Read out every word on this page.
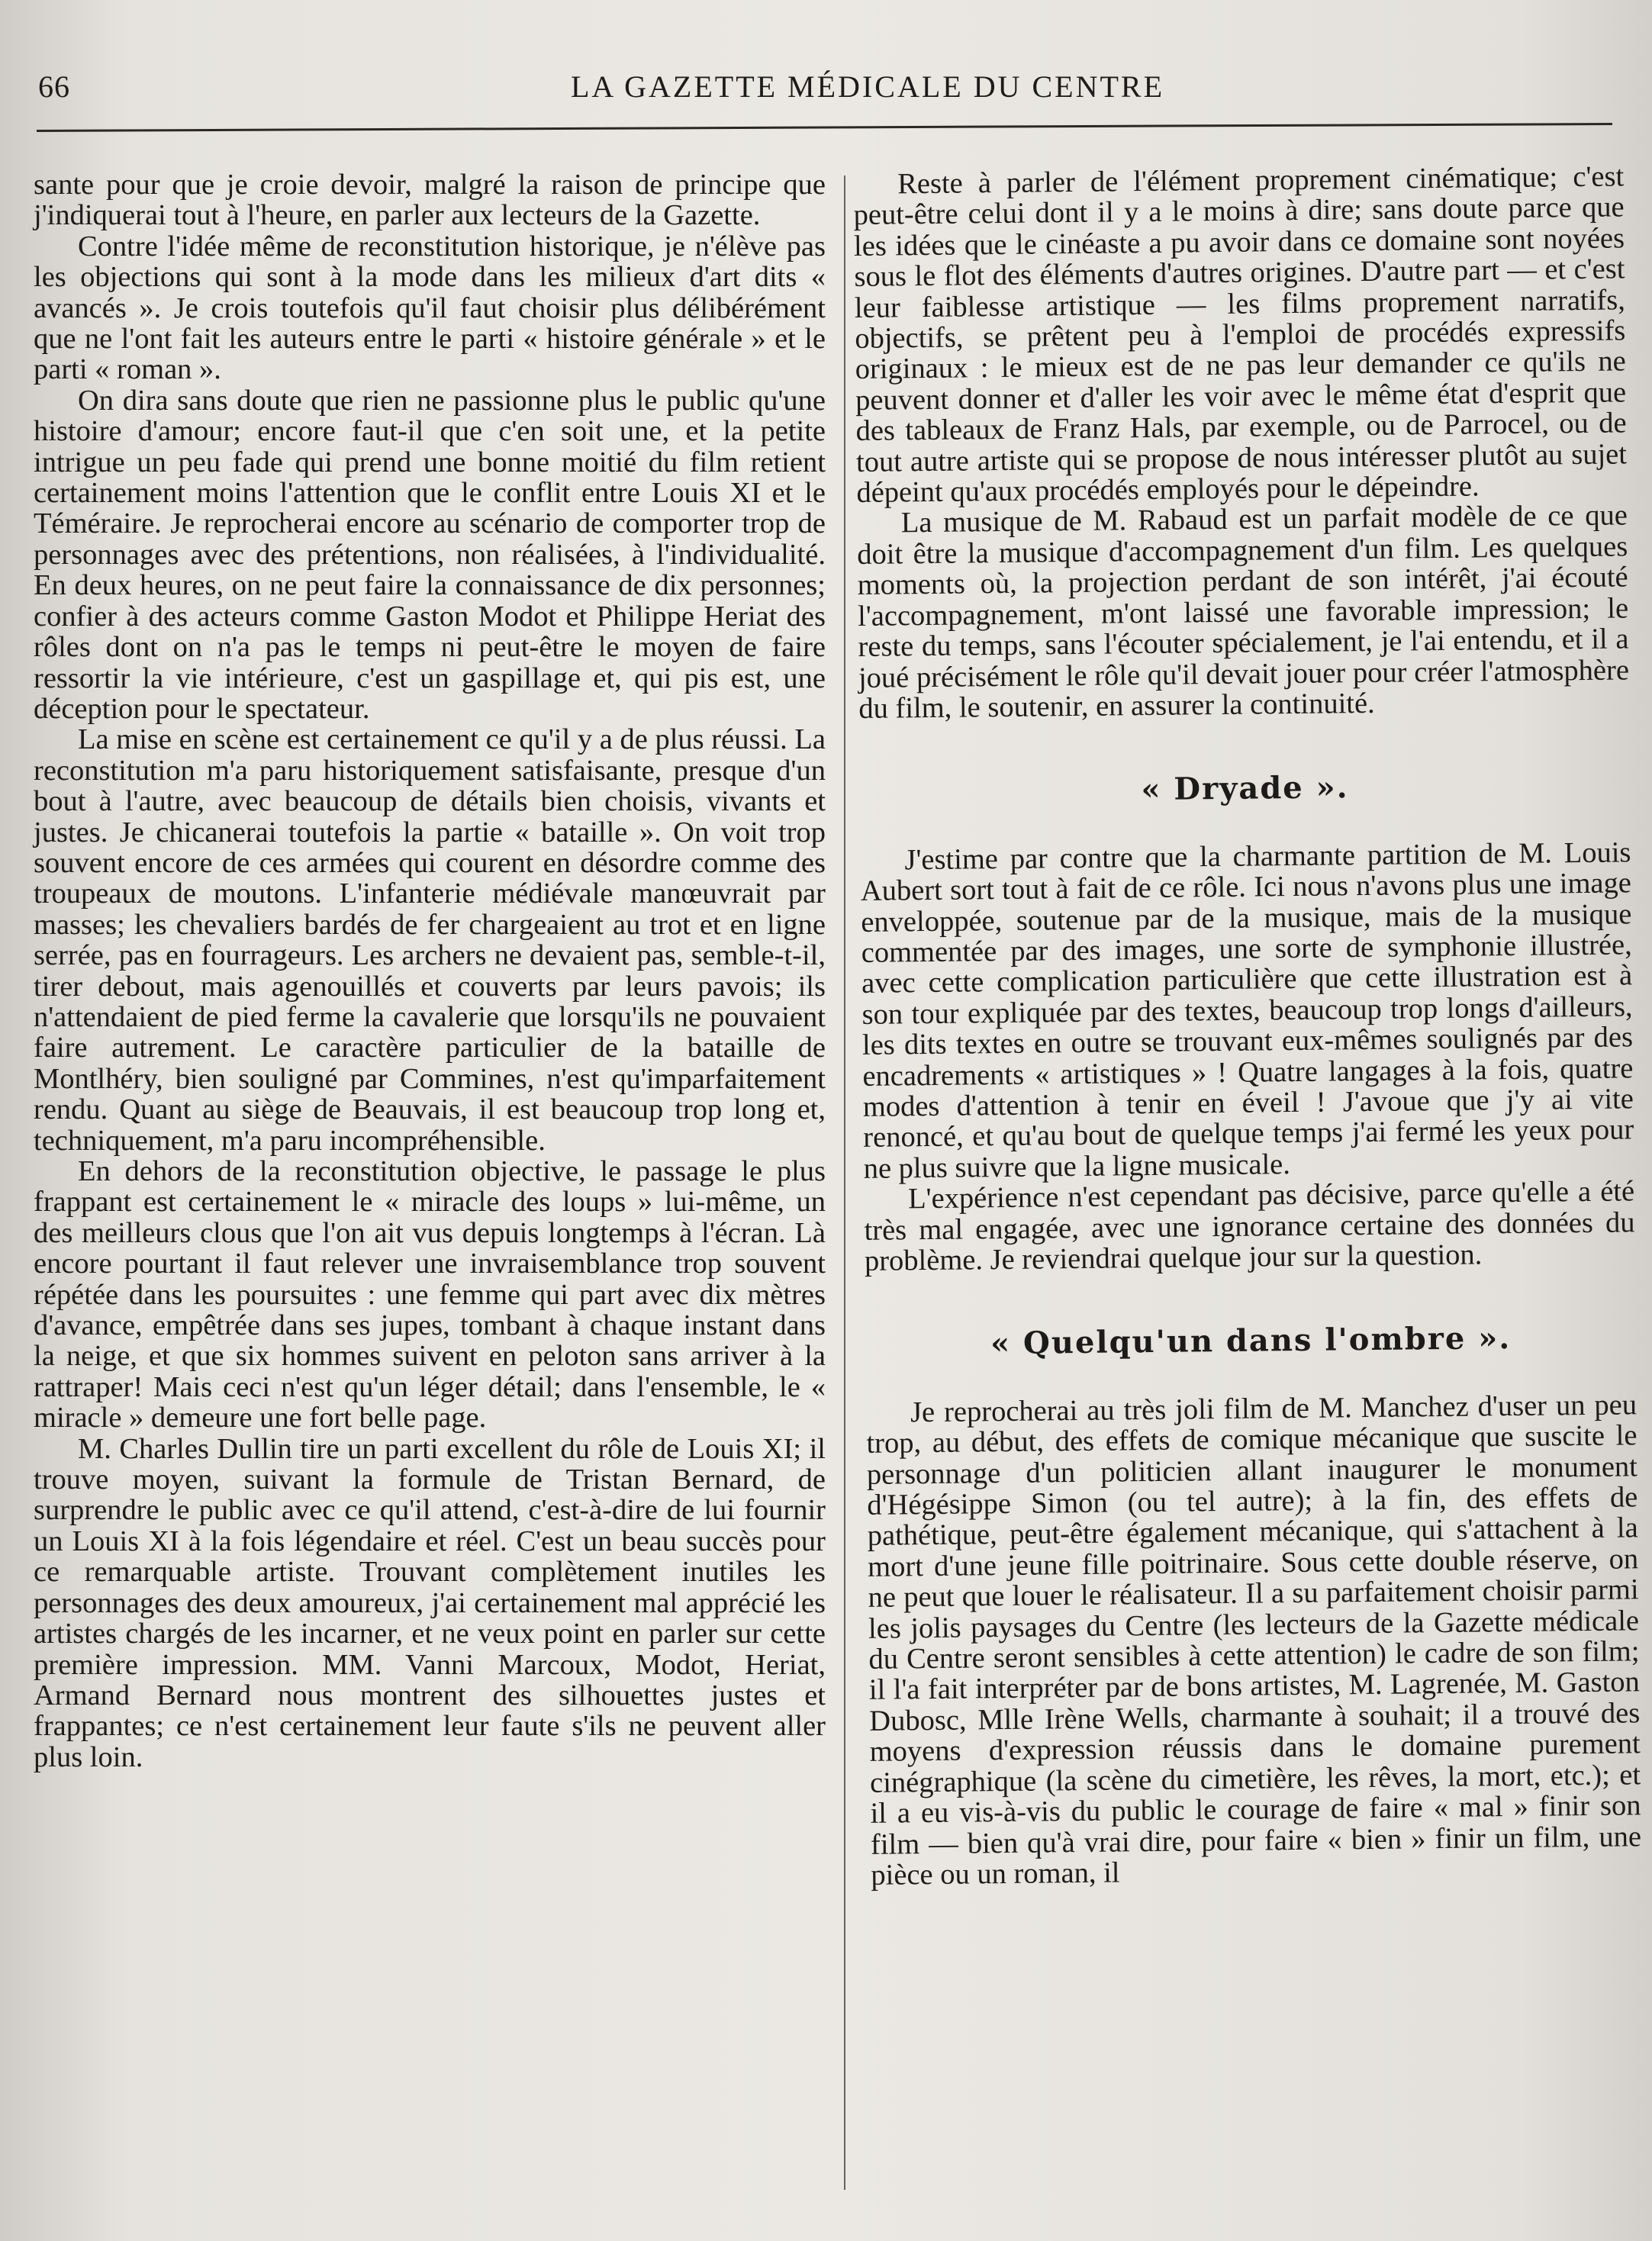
66	LA GAZETTE MÉDICALE DU CENTRE

sante pour que je croie devoir, malgré la raison de principe que j'indiquerai tout à l'heure, en parler aux lecteurs de la Gazette.

Contre l'idée même de reconstitution historique, je n'élève pas les objections qui sont à la mode dans les milieux d'art dits « avancés ». Je crois toutefois qu'il faut choisir plus délibérément que ne l'ont fait les auteurs entre le parti « histoire générale » et le parti « roman ».

On dira sans doute que rien ne passionne plus le public qu'une histoire d'amour; encore faut-il que c'en soit une, et la petite intrigue un peu fade qui prend une bonne moitié du film retient certainement moins l'attention que le conflit entre Louis XI et le Téméraire. Je reprocherai encore au scénario de comporter trop de personnages avec des prétentions, non réalisées, à l'individualité. En deux heures, on ne peut faire la connaissance de dix personnes; confier à des acteurs comme Gaston Modot et Philippe Heriat des rôles dont on n'a pas le temps ni peut-être le moyen de faire ressortir la vie intérieure, c'est un gaspillage et, qui pis est, une déception pour le spectateur.

La mise en scène est certainement ce qu'il y a de plus réussi. La reconstitution m'a paru historiquement satisfaisante, presque d'un bout à l'autre, avec beaucoup de détails bien choisis, vivants et justes. Je chicanerai toutefois la partie « bataille ». On voit trop souvent encore de ces armées qui courent en désordre comme des troupeaux de moutons. L'infanterie médiévale manœuvrait par masses; les chevaliers bardés de fer chargeaient au trot et en ligne serrée, pas en fourrageurs. Les archers ne devaient pas, semble-t-il, tirer debout, mais agenouillés et couverts par leurs pavois; ils n'attendaient de pied ferme la cavalerie que lorsqu'ils ne pouvaient faire autrement. Le caractère particulier de la bataille de Montlhéry, bien souligné par Commines, n'est qu'imparfaitement rendu. Quant au siège de Beauvais, il est beaucoup trop long et, techniquement, m'a paru incompréhensible.

En dehors de la reconstitution objective, le passage le plus frappant est certainement le « miracle des loups » lui-même, un des meilleurs clous que l'on ait vus depuis longtemps à l'écran. Là encore pourtant il faut relever une invraisemblance trop souvent répétée dans les poursuites : une femme qui part avec dix mètres d'avance, empêtrée dans ses jupes, tombant à chaque instant dans la neige, et que six hommes suivent en peloton sans arriver à la rattraper! Mais ceci n'est qu'un léger détail; dans l'ensemble, le « miracle » demeure une fort belle page.

M. Charles Dullin tire un parti excellent du rôle de Louis XI; il trouve moyen, suivant la formule de Tristan Bernard, de surprendre le public avec ce qu'il attend, c'est-à-dire de lui fournir un Louis XI à la fois légendaire et réel. C'est un beau succès pour ce remarquable artiste. Trouvant complètement inutiles les personnages des deux amoureux, j'ai certainement mal apprécié les artistes chargés de les incarner, et ne veux point en parler sur cette première impression. MM. Vanni Marcoux, Modot, Heriat, Armand Bernard nous montrent des silhouettes justes et frappantes; ce n'est certainement leur faute s'ils ne peuvent aller plus loin.

Reste à parler de l'élément proprement cinématique; c'est peut-être celui dont il y a le moins à dire; sans doute parce que les idées que le cinéaste a pu avoir dans ce domaine sont noyées sous le flot des éléments d'autres origines. D'autre part — et c'est leur faiblesse artistique — les films proprement narratifs, objectifs, se prêtent peu à l'emploi de procédés expressifs originaux : le mieux est de ne pas leur demander ce qu'ils ne peuvent donner et d'aller les voir avec le même état d'esprit que des tableaux de Franz Hals, par exemple, ou de Parrocel, ou de tout autre artiste qui se propose de nous intéresser plutôt au sujet dépeint qu'aux procédés employés pour le dépeindre.

La musique de M. Rabaud est un parfait modèle de ce que doit être la musique d'accompagnement d'un film. Les quelques moments où, la projection perdant de son intérêt, j'ai écouté l'accompagnement, m'ont laissé une favorable impression; le reste du temps, sans l'écouter spécialement, je l'ai entendu, et il a joué précisément le rôle qu'il devait jouer pour créer l'atmosphère du film, le soutenir, en assurer la continuité.

« Dryade ».

J'estime par contre que la charmante partition de M. Louis Aubert sort tout à fait de ce rôle. Ici nous n'avons plus une image enveloppée, soutenue par de la musique, mais de la musique commentée par des images, une sorte de symphonie illustrée, avec cette complication particulière que cette illustration est à son tour expliquée par des textes, beaucoup trop longs d'ailleurs, les dits textes en outre se trouvant eux-mêmes soulignés par des encadrements « artistiques » ! Quatre langages à la fois, quatre modes d'attention à tenir en éveil ! J'avoue que j'y ai vite renoncé, et qu'au bout de quelque temps j'ai fermé les yeux pour ne plus suivre que la ligne musicale.

L'expérience n'est cependant pas décisive, parce qu'elle a été très mal engagée, avec une ignorance certaine des données du problème. Je reviendrai quelque jour sur la question.

« Quelqu'un dans l'ombre ».

Je reprocherai au très joli film de M. Manchez d'user un peu trop, au début, des effets de comique mécanique que suscite le personnage d'un politicien allant inaugurer le monument d'Hégésippe Simon (ou tel autre); à la fin, des effets de pathétique, peut-être également mécanique, qui s'attachent à la mort d'une jeune fille poitrinaire. Sous cette double réserve, on ne peut que louer le réalisateur. Il a su parfaitement choisir parmi les jolis paysages du Centre (les lecteurs de la Gazette médicale du Centre seront sensibles à cette attention) le cadre de son film; il l'a fait interpréter par de bons artistes, M. Lagrenée, M. Gaston Dubosc, Mlle Irène Wells, charmante à souhait; il a trouvé des moyens d'expression réussis dans le domaine purement cinégraphique (la scène du cimetière, les rêves, la mort, etc.); et il a eu vis-à-vis du public le courage de faire « mal » finir son film — bien qu'à vrai dire, pour faire « bien » finir un film, une pièce ou un roman, il
